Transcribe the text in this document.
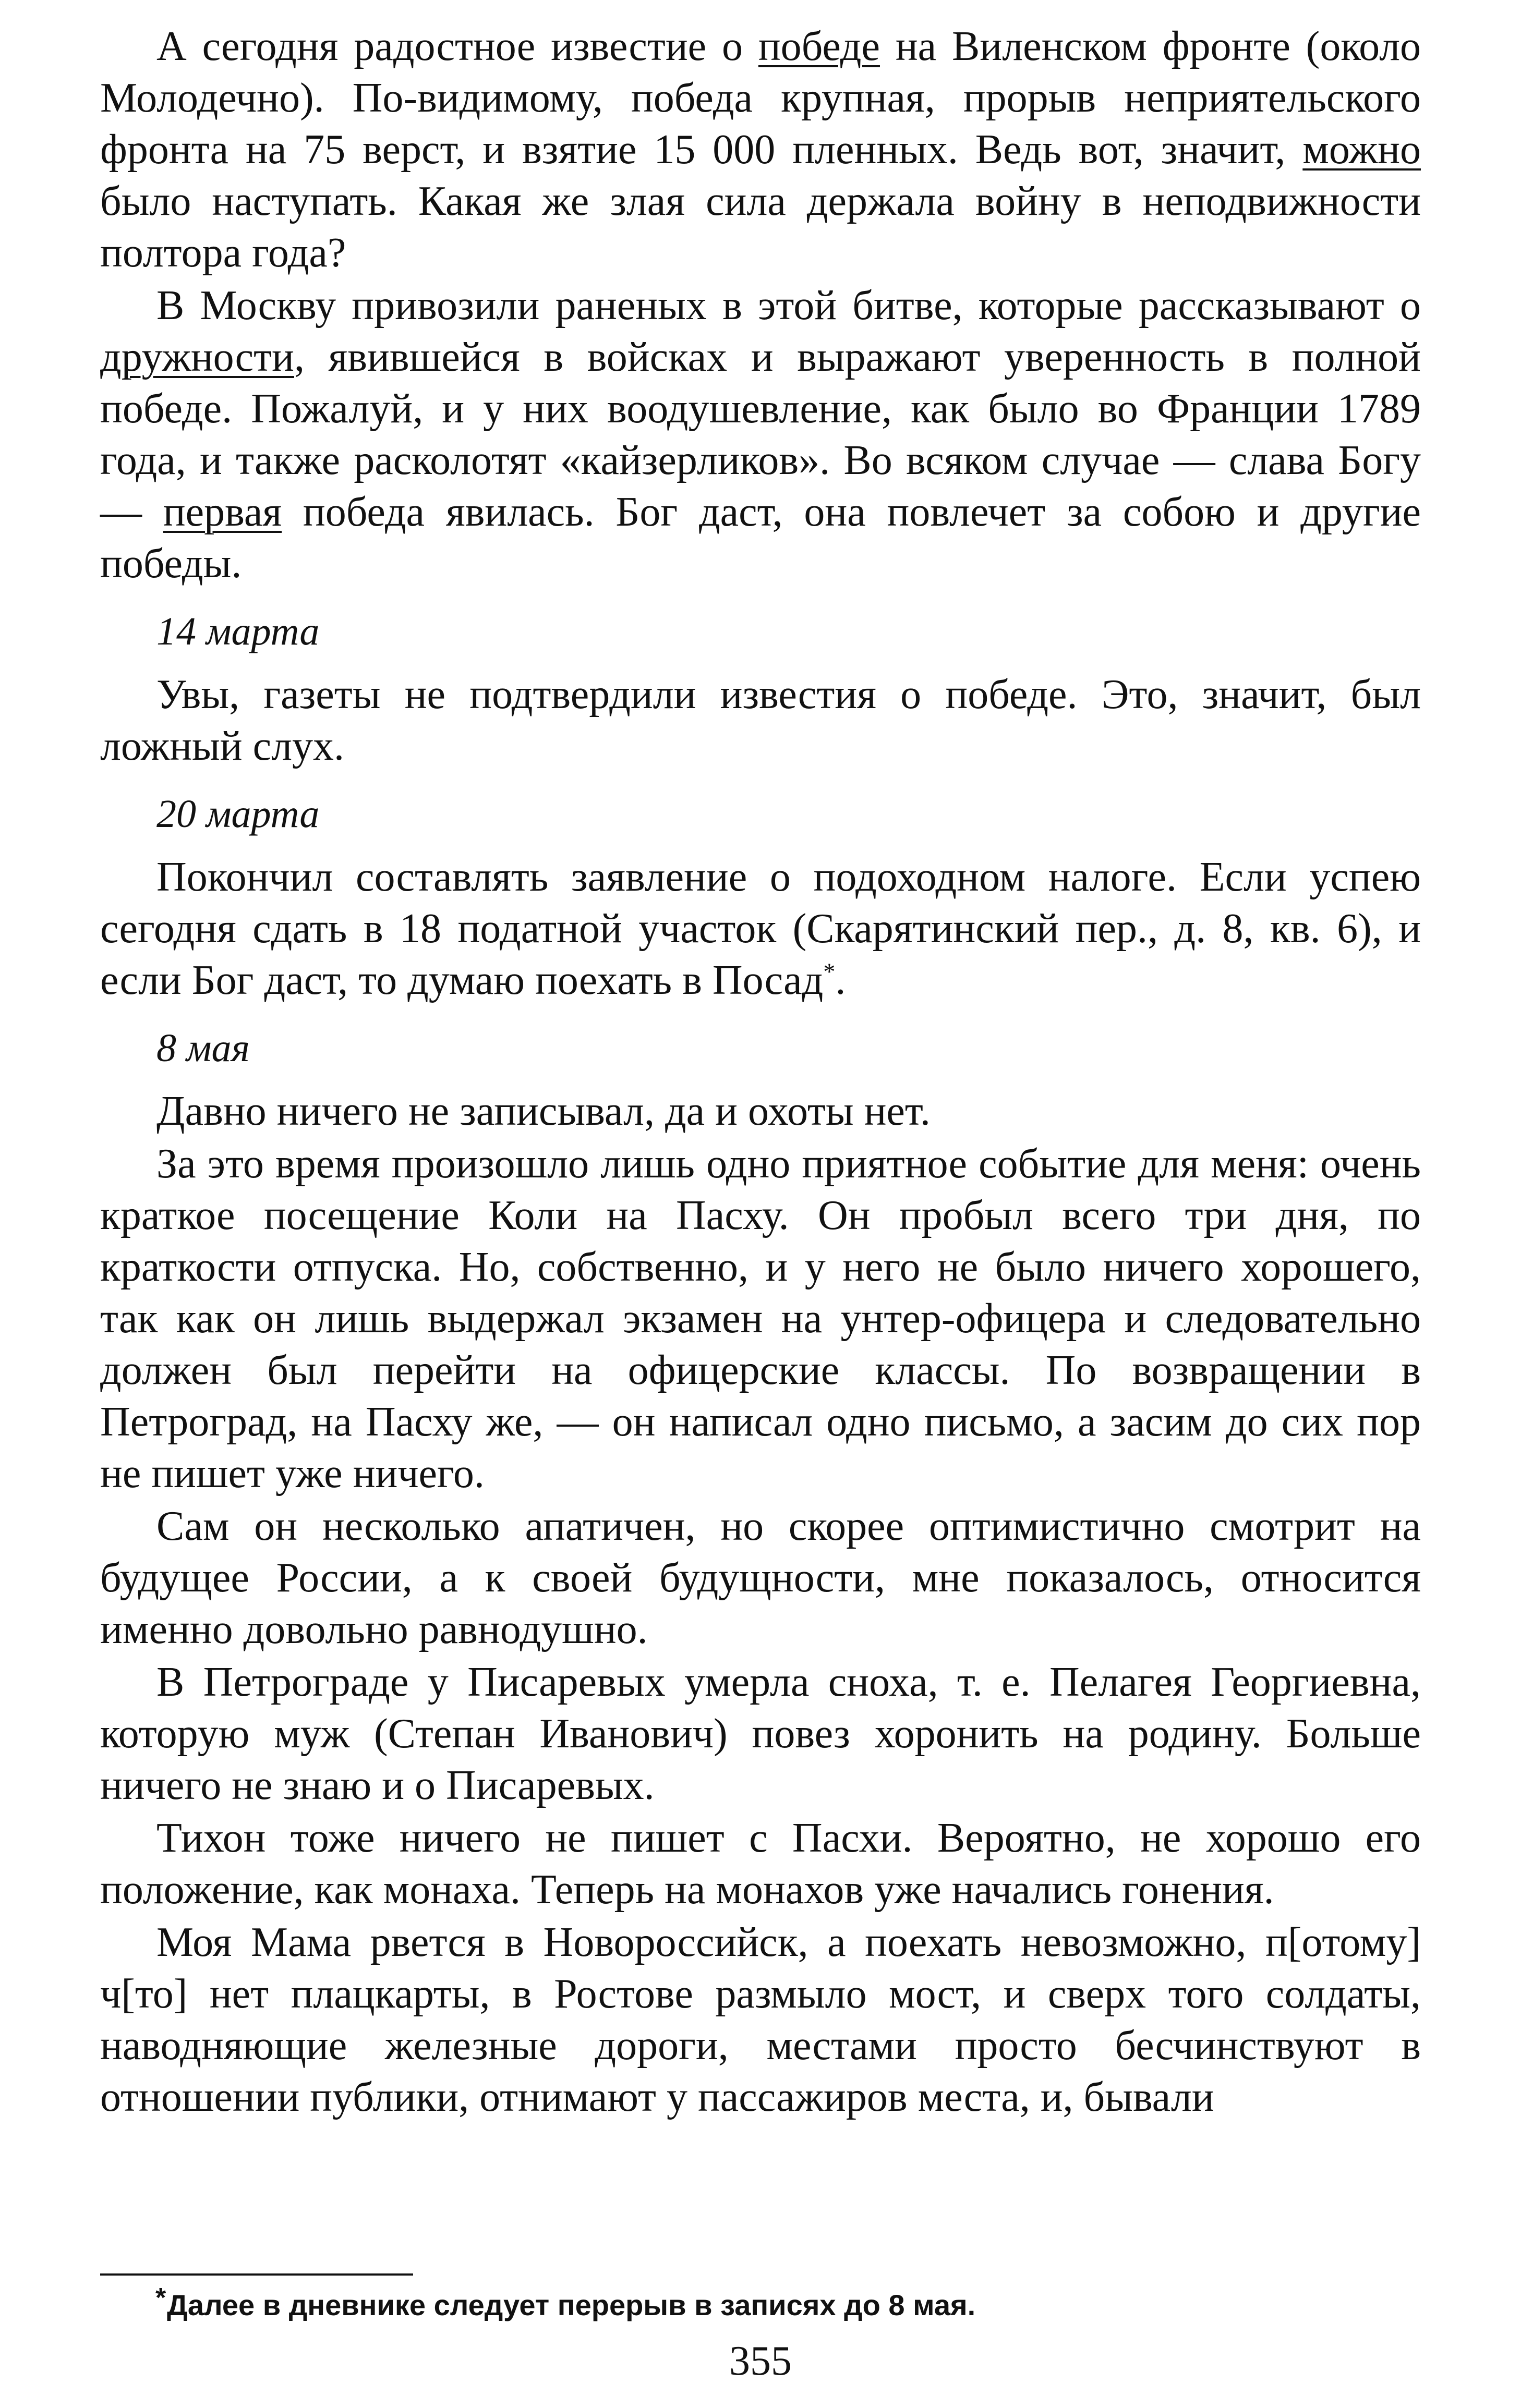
А сегодня радостное известие о победе на Виленском фронте (около Молодечно). По-видимому, победа крупная, прорыв неприятельского фронта на 75 верст, и взятие 15 000 пленных. Ведь вот, значит, можно было наступать. Какая же злая сила держала войну в неподвижности полтора года?

В Москву привозили раненых в этой битве, которые рассказывают о дружности, явившейся в войсках и выражают уверенность в полной победе. Пожалуй, и у них воодушевление, как было во Франции 1789 года, и также расколотят «кайзерликов». Во всяком случае — слава Богу — первая победа явилась. Бог даст, она повлечет за собою и другие победы.

14 марта

Увы, газеты не подтвердили известия о победе. Это, значит, был ложный слух.

20 марта

Покончил составлять заявление о подоходном налоге. Если успею сегодня сдать в 18 податной участок (Скарятинский пер., д. 8, кв. 6), и если Бог даст, то думаю поехать в Посад*.

8 мая

Давно ничего не записывал, да и охоты нет.

За это время произошло лишь одно приятное событие для меня: очень краткое посещение Коли на Пасху. Он пробыл всего три дня, по краткости отпуска. Но, собственно, и у него не было ничего хорошего, так как он лишь выдержал экзамен на унтер-офицера и следовательно должен был перейти на офицерские классы. По возвращении в Петроград, на Пасху же, — он написал одно письмо, а засим до сих пор не пишет уже ничего.

Сам он несколько апатичен, но скорее оптимистично смотрит на будущее России, а к своей будущности, мне показалось, относится именно довольно равнодушно.

В Петрограде у Писаревых умерла сноха, т. е. Пелагея Георгиевна, которую муж (Степан Иванович) повез хоронить на родину. Больше ничего не знаю и о Писаревых.

Тихон тоже ничего не пишет с Пасхи. Вероятно, не хорошо его положение, как монаха. Теперь на монахов уже начались гонения.

Моя Мама рвется в Новороссийск, а поехать невозможно, п[отому] ч[то] нет плацкарты, в Ростове размыло мост, и сверх того солдаты, наводняющие железные дороги, местами просто бесчинствуют в отношении публики, отнимают у пассажиров места, и, бывали

* Далее в дневнике следует перерыв в записях до 8 мая.
355
